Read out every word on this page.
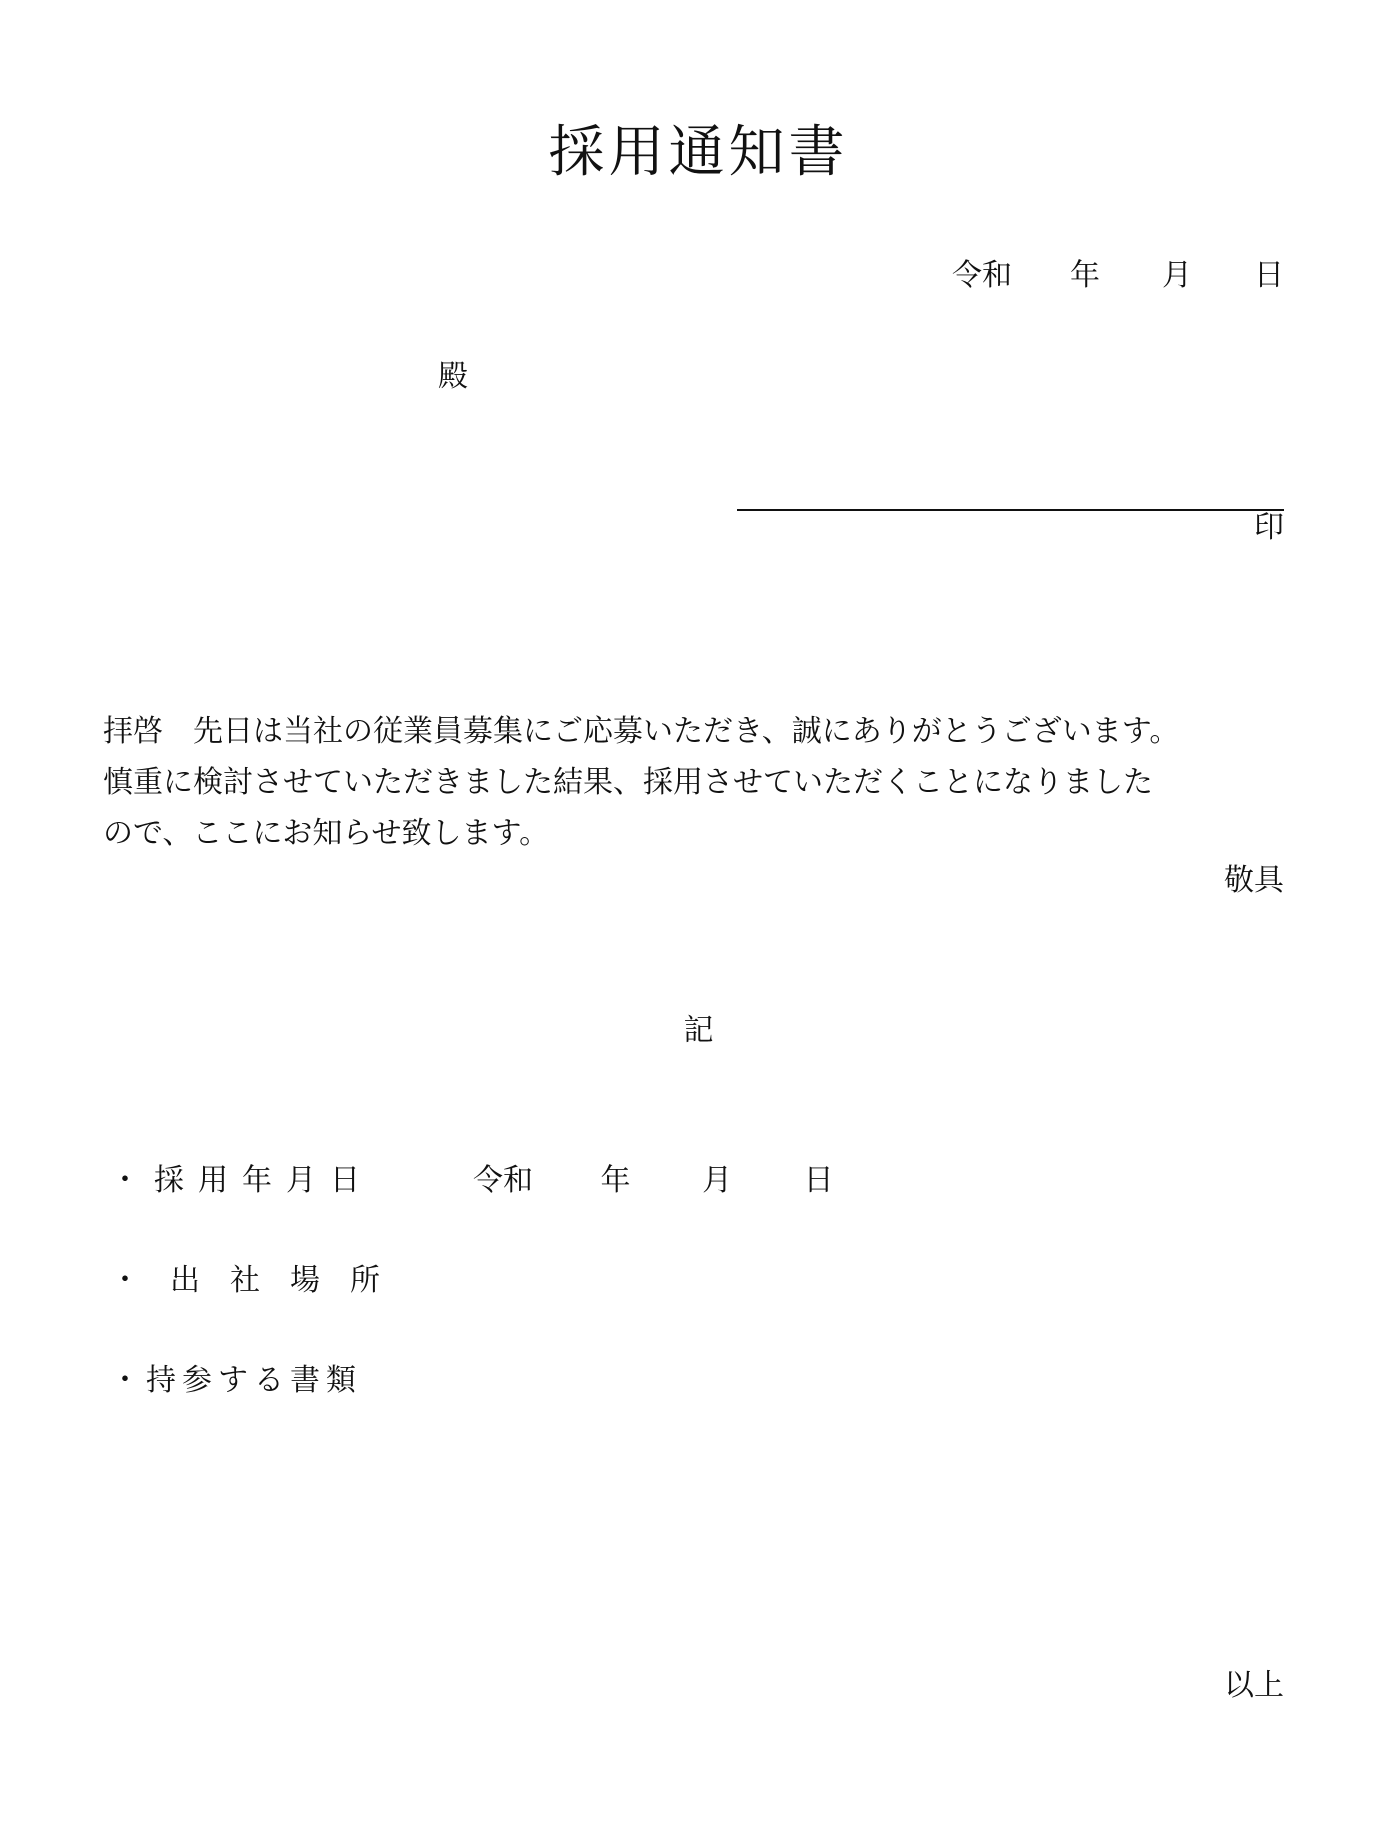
採用通知書
令和 年 月 日
殿
印
拝啓　先日は当社の従業員募集にご応募いただき、誠にありがとうございます。
慎重に検討させていただきました結果、採用させていただくことになりました
ので、ここにお知らせ致します。
敬具
記
・採用年月日	令和 年 月 日
・出社場所
・持参する書類
以上
